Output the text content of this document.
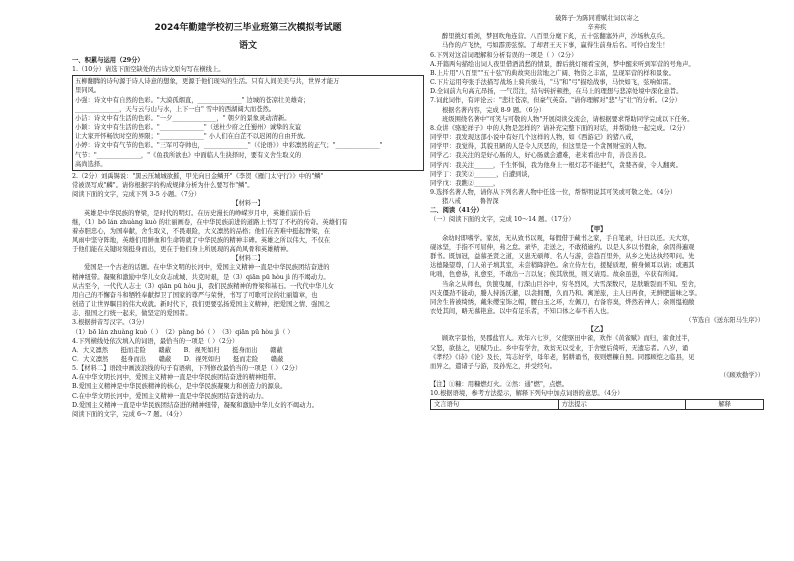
2024年勤建学校初三毕业班第三次模拟考试题
语文
一、积累与运用（29分）
1.（10分）请选下面空缺处的古诗文原句写在横线上。
五柳翻腾的诗句源于诗人诗意的想象，更源于他们现实的生活。只有人间美美与共，世界才能万
里同风。
小强：诗文中有自然的色彩。"大漠孤烟直，______________" 边城的苍凉壮美雄奇；
______________，天与云与山与水，上下一白" 雪中的西湖阔大而苍然。
小洁：诗文中有生活的色彩。"一夕______________，" 朝夕的景象灵动清新。
小颖：诗文中有生活的色彩。"______________"（送杜少府之任蜀州）诚挚的友谊
让大家开怀畅饮时空的界限；"______________" 小人们在白芷不以迟闲的自由开放。
小婷：诗文中有气节的色彩。"三军可夺帅也，______________"（《论语》）中彩凛然的正气；"______________"
气节："______________，"《鱼我所欲也》中面临人生抉择时，要有义舍生取义的
高尚选择。
2.（2分）刘禹锡说："黑云压城城欲摧，甲光向日金鳞开"《李贺《雁门太守行》》中的"鳞"
常被误写成"麟"。请你根据字的构成规律分析为什么要写作"鳞"。
阅读下面的文字，完成下列 3-5 小题。（7分）
【材料一】
英雄是中华民族的脊梁，是时代的明灯。在历史漫长的峥嵘岁月中，英雄们前仆后
继，（1）bō lán zhuàng kuò 的壮丽画卷，在中华民族前进的道路上书写了不朽的传奇。英雄们有
着赤胆忠心，为国奉献，舍生取义，不畏艰险，大义凛然的品格；他们在苦难中挺起脊梁，在
风雨中坚守阵地，英雄们用鲜血和生命铸就了中华民族的精神丰碑。英雄之所以伟大，不仅在
于他们能在关键时刻挺身而出，更在于他们身上所展现的高尚风骨和英雄精神。
【材料二】
爱国是一个古老的话题。在中华文明的长河中，爱国主义精神一直是中华民族团结奋进的
精神纽带。凝聚和激励中华儿女众志成城、共克时艰，是（3）qiān pū hòu jì 的不竭动力。
从古至今，一代代人志士（3）qiān pū hòu jì，我们民族精神的脊梁和基石。一代代中华儿女
用自己的不懈奋斗和牺牲奉献捍卫了国家的尊严与荣誉，书写了可歌可泣的壮丽篇章，也
创造了让世界瞩目的伟大成就。新时代下，我们更要弘扬爱国主义精神，把爱国之情、强国之
志、报国之行统一起来，做坚定的爱国者。
3.根据拼音写汉字。（3分）
（1）bō lán zhuàng kuò（ ）　（2）pàng bó（ ）　（3）qiān pū hòu jì（ ）
4.下列横线处依次填入的词语，最恰当的一项是（ ）（2分）
A．大义凛然　　挺而走险　　赣蔽　　B．视死如归　　挺身而出　　赣蔽
C．大义凛然　　挺身而出　　赣蔽　　D．视死如归　　挺而走险　　赣蔽
5.【材料二】语段中画波浪线的句子有语病，下列修改最恰当的一项是（ ）（2分）
A.在中华文明长河中，爱国主义精神一直是中华民族团结奋进的精神纽带。
B.爱国主义精神是中华民族精神的核心，是中华民族凝聚力和创造力的源泉。
C.在中华文明长河中，爱国主义精神一直是中华民族团结奋进的动力。
D.爱国主义精神一直是中华民族团结奋进的精神纽带，凝聚和激励中华儿女的不竭动力。
阅读下面的文字，完成 6～7 题。（4分）
破阵子·为陈同甫赋壮词以寄之
辛弃疾
醉里挑灯看剑，梦回吹角连营。八百里分麾下炙，五十弦翻塞外声，沙场秋点兵。
马作的卢飞快，弓如霹雳弦惊。了却君王天下事，赢得生前身后名。可怜白发生！
6.下列对这首词理解和分析有误的一项是（ ）（2分）
A.开篇两句描绘出词人夜里借酒消愁的情景，醉后挑灯细看宝剑，梦中醒来听到军营的号角声。
B.上片用"八百里""五十弦"的典故突出营地之广阔、物资之丰富，呈现军营的样和景象。
C.下片运用夸张手法描写战场上骑兵骏马，"马"和"弓"描绘战事，马快如飞，弦响如雷。
D.全词前九句高亢昂扬，一气贯注，结句转折顿挫，在马上的理想与悲凉处境中深化意旨。
7.词此词作，有评论云："悲壮苍凉，但豪气英奋。"请你理解对"悲"与"壮"的分析。（2分）
根据名著内容，完成 8-9 题。（6分）
班级围绕名著中"可笑与可敬的人物"开展阅读交流会，请根据要求帮助同学完成以下任务。
8.众讲《骆驼祥子》中的人物是怎样的？请补充完整下面的对话，并帮助他一起完成。（2分）
同学甲：我发现这部小说中有好几个这样的人物，如《西游记》的猪八戒，
同学甲：我觉得，其貌丑陋的人是令人厌恶的，但这里是一个贪图财宝的人物。
同学乙：我关注的是好心肠的人，好心肠就会遭难，老来看出中肯，善良善良。
同学丙：我关注______，千生怀惧，我为他身上一根灯芯不能把气，贪婪吝啬，令人翻爽。
同学丁：我笑②_______，自遭到谈，
同学戊：我瞧②______，
9.选择名著人物，请你从下列名著人物中任选一位，帮帮明说其可笑或可敬之处。（4分）
猪八戒　　　鲁智深
二、阅读（41分）
（一）阅读下面的文字，完成 10～14 题。（17分）
【甲】
余幼时即嗜学。家贫，无从致书以观，每假借于藏书之家，手自笔录，计日以还。天大寒，
砚冰坚，手指不可屈伸，弗之怠。录毕，走送之，不敢稍逾约。以是人多以书假余，余因得遍观
群书。既加冠，益慕圣贤之道，又患无硕师、名人与游，尝趋百里外，从乡之先达执经叩问。先
达德隆望尊，门人弟子填其室，未尝稍降辞色。余立侍左右，援疑质理，俯身倾耳以请；或遇其
叱咄，色愈恭，礼愈至，不敢出一言以复；俟其欣悦，则又请焉。故余虽愚，卒获有所闻。
当余之从师也，负箧曳屣，行深山巨谷中，穷冬烈风，大雪深数尺，足肤皲裂而不知。至舍，
四支僵劲不能动，媵人持汤沃灌，以衾拥覆，久而乃和。寓逆旅，主人日再食，无鲜肥滋味之享。
同舍生皆被绮绣，戴朱缨宝饰之帽，腰白玉之环，左佩刀，右备容臭，烨然若神人；余则缊袍敝
衣处其间，略无慕艳意。以中有足乐者，不知口体之奉不若人也。
（节选自《送东阳马生序》）
【乙】
顾欢字景怡，吴郡盐官人。欢年六七岁，父使驱田中雀，欢作《黄雀赋》而归，雀食过半，
父怒，欲挞之，见赋乃止。乡中有学舍，欢贫无以受业，于舍壁后倚听，无遗忘者。八岁，诵
《孝经》《诗》《论》及长，笃志好学，母年老，躬耕诵书，夜则燃糠自照。同郡顾恺之临县，见
而异之，遣诸子与游，及孙宪之，并受经句。
（《顾欢勤学》）
【注】①糠：用糠燃灯火。②然：通"燃"，点燃。
10.根据语境，参考方法提示，解释下列句中加点词语的意思。（4分）
文言语句	方法提示	解释
